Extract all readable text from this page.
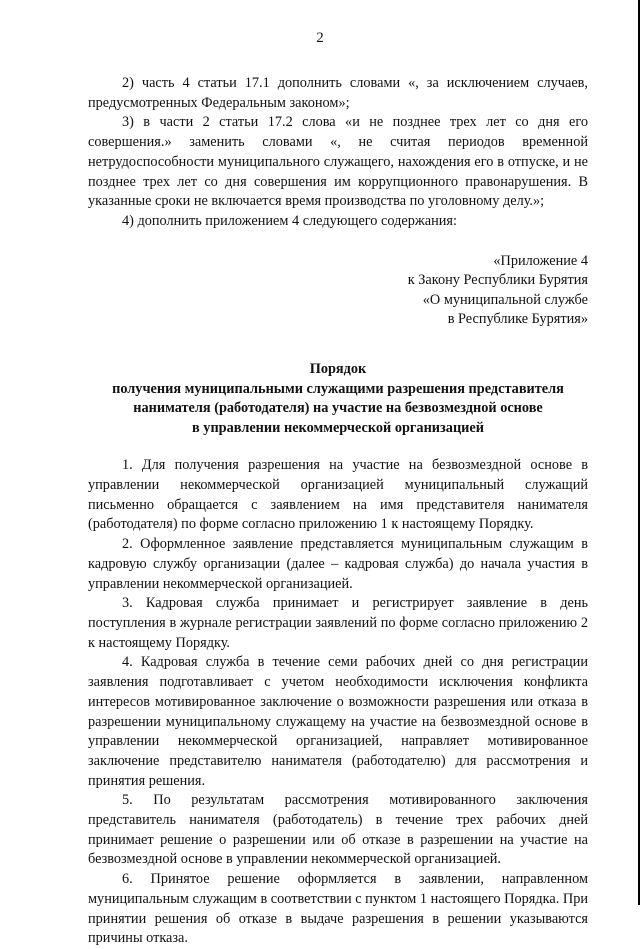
2

2) часть 4 статьи 17.1 дополнить словами «, за исключением случаев, предусмотренных Федеральным законом»;

3) в части 2 статьи 17.2 слова «и не позднее трех лет со дня его совершения.» заменить словами «, не считая периодов временной нетрудоспособности муниципального служащего, нахождения его в отпуске, и не позднее трех лет со дня совершения им коррупционного правонарушения. В указанные сроки не включается время производства по уголовному делу.»;

4) дополнить приложением 4 следующего содержания:

«Приложение 4
к Закону Республики Бурятия
«О муниципальной службе
в Республике Бурятия»
Порядок
получения муниципальными служащими разрешения представителя
нанимателя (работодателя) на участие на безвозмездной основе
в управлении некоммерческой организацией

1. Для получения разрешения на участие на безвозмездной основе в управлении некоммерческой организацией муниципальный служащий письменно обращается с заявлением на имя представителя нанимателя (работодателя) по форме согласно приложению 1 к настоящему Порядку.

2. Оформленное заявление представляется муниципальным служащим в кадровую службу организации (далее – кадровая служба) до начала участия в управлении некоммерческой организацией.

3. Кадровая служба принимает и регистрирует заявление в день поступления в журнале регистрации заявлений по форме согласно приложению 2 к настоящему Порядку.

4. Кадровая служба в течение семи рабочих дней со дня регистрации заявления подготавливает с учетом необходимости исключения конфликта интересов мотивированное заключение о возможности разрешения или отказа в разрешении муниципальному служащему на участие на безвозмездной основе в управлении некоммерческой организацией, направляет мотивированное заключение представителю нанимателя (работодателю) для рассмотрения и принятия решения.

5. По результатам рассмотрения мотивированного заключения представитель нанимателя (работодатель) в течение трех рабочих дней принимает решение о разрешении или об отказе в разрешении на участие на безвозмездной основе в управлении некоммерческой организацией.

6. Принятое решение оформляется в заявлении, направленном муниципальным служащим в соответствии с пунктом 1 настоящего Порядка. При принятии решения об отказе в выдаче разрешения в решении указываются причины отказа.
